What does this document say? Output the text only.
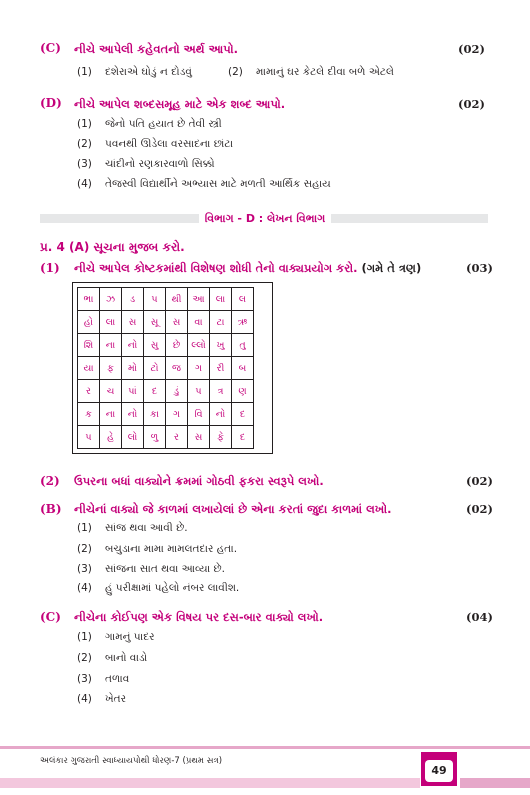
(C) નીચે આપેલી કહેવતનો અર્થ આપો.	(02)
(1) દશેરાએ ઘોડું ન દોડવું	(2) મામાનું ઘર કેટલે દીવા બળે એટલે
(D) નીચે આપેલ શબ્દસમૂહ માટે એક શબ્દ આપો.	(02)
(1) જેનો પતિ હયાત છે તેવી સ્ત્રી
(2) પવનથી ઊડેલા વરસાદના છાંટા
(3) ચાંદીનો રણકારવાળો સિક્કો
(4) તેજસ્વી વિદ્યાર્થીને અભ્યાસ માટે મળતી આર્થિક સહાય
વિભાગ - D : લેખન વિભાગ
પ્ર. 4 (A) સૂચના મુજબ કરો.
(1) નીચે આપેલ કોષ્ટકમાંથી વિશેષણ શોધી તેનો વાક્યપ્રયોગ કરો. (ગમે તે ત્રણ)	(03)
ભા	ઝ	ડ	પ	થી	આ	લા	લ
હો	લા	સ	સૂ	સ	વા	ટા	ઋ
શિ	ના	નો	સુ	છે	લ્લો	ખુ	તુ
યા	ફ	મો	ટો	જ	ગ	રી	બ
ર	ચ	પાં	દ	ડું	પ	ત્ર	ણ
ક	ના	નો	કા	ગ	વિ	નો	દ
પ	હે	લો	ળુ	ર	સ	ફે	દ
(2) ઉપરના બધાં વાક્યોને ક્રમમાં ગોઠવી ફકરા સ્વરૂપે લખો.	(02)
(B) નીચેનાં વાક્યો જે કાળમાં લખાયેલાં છે એના કરતાં જુદા કાળમાં લખો.	(02)
(1) સાંજ થવા આવી છે.
(2) બચુડાના મામા મામલતદાર હતા.
(3) સાંજના સાત થવા આવ્યા છે.
(4) હું પરીક્ષામાં પહેલો નંબર લાવીશ.
(C) નીચેના કોઈપણ એક વિષય પર દસ-બાર વાક્યો લખો.	(04)
(1) ગામનું પાદર
(2) બાનો વાડો
(3) તળાવ
(4) ખેતર
અલંકાર ગુજરાતી સ્વાધ્યાયપોથી ધોરણ-7 (પ્રથમ સત્ર)
49
